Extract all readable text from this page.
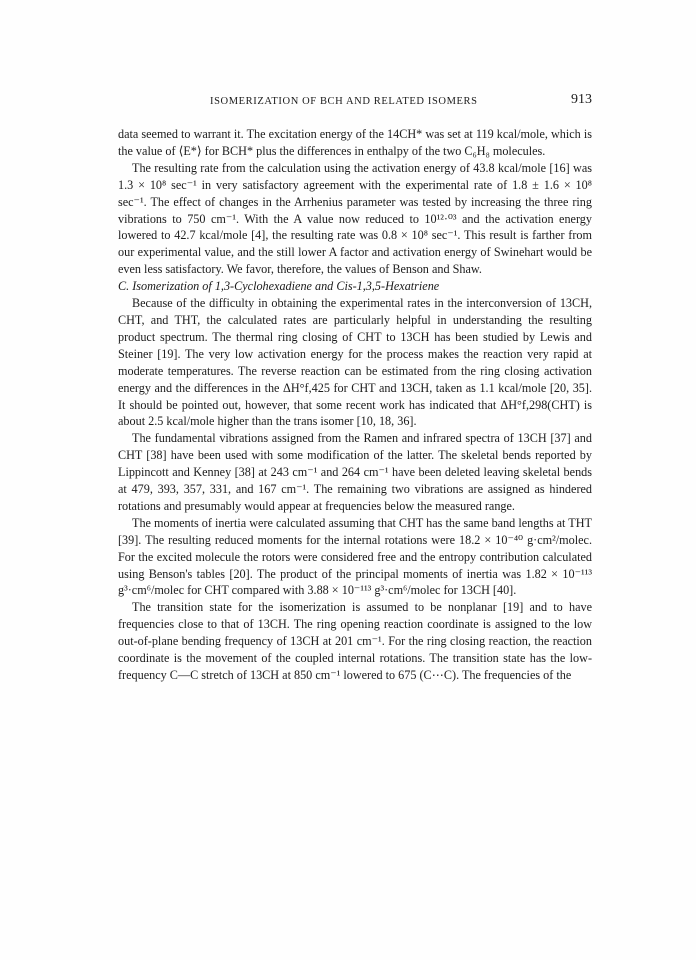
ISOMERIZATION OF BCH AND RELATED ISOMERS	913

data seemed to warrant it. The excitation energy of the 14CH* was set at 119 kcal/mole, which is the value of ⟨E*⟩ for BCH* plus the differences in enthalpy of the two C₆H₈ molecules.

The resulting rate from the calculation using the activation energy of 43.8 kcal/mole [16] was 1.3 × 10⁸ sec⁻¹ in very satisfactory agreement with the experimental rate of 1.8 ± 1.6 × 10⁸ sec⁻¹. The effect of changes in the Arrhenius parameter was tested by increasing the three ring vibrations to 750 cm⁻¹. With the A value now reduced to 10¹²·⁰³ and the activation energy lowered to 42.7 kcal/mole [4], the resulting rate was 0.8 × 10⁸ sec⁻¹. This result is farther from our experimental value, and the still lower A factor and activation energy of Swinehart would be even less satisfactory. We favor, therefore, the values of Benson and Shaw.

C. Isomerization of 1,3-Cyclohexadiene and Cis-1,3,5-Hexatriene

Because of the difficulty in obtaining the experimental rates in the interconversion of 13CH, CHT, and THT, the calculated rates are particularly helpful in understanding the resulting product spectrum. The thermal ring closing of CHT to 13CH has been studied by Lewis and Steiner [19]. The very low activation energy for the process makes the reaction very rapid at moderate temperatures. The reverse reaction can be estimated from the ring closing activation energy and the differences in the ΔH°f,425 for CHT and 13CH, taken as 1.1 kcal/mole [20, 35]. It should be pointed out, however, that some recent work has indicated that ΔH°f,298(CHT) is about 2.5 kcal/mole higher than the trans isomer [10, 18, 36].

The fundamental vibrations assigned from the Ramen and infrared spectra of 13CH [37] and CHT [38] have been used with some modification of the latter. The skeletal bends reported by Lippincott and Kenney [38] at 243 cm⁻¹ and 264 cm⁻¹ have been deleted leaving skeletal bends at 479, 393, 357, 331, and 167 cm⁻¹. The remaining two vibrations are assigned as hindered rotations and presumably would appear at frequencies below the measured range.

The moments of inertia were calculated assuming that CHT has the same band lengths at THT [39]. The resulting reduced moments for the internal rotations were 18.2 × 10⁻⁴⁰ g·cm²/molec. For the excited molecule the rotors were considered free and the entropy contribution calculated using Benson's tables [20]. The product of the principal moments of inertia was 1.82 × 10⁻¹¹³ g³·cm⁶/molec for CHT compared with 3.88 × 10⁻¹¹³ g³·cm⁶/molec for 13CH [40].

The transition state for the isomerization is assumed to be nonplanar [19] and to have frequencies close to that of 13CH. The ring opening reaction coordinate is assigned to the low out-of-plane bending frequency of 13CH at 201 cm⁻¹. For the ring closing reaction, the reaction coordinate is the movement of the coupled internal rotations. The transition state has the low-frequency C—C stretch of 13CH at 850 cm⁻¹ lowered to 675 (C⋯C). The frequencies of the
